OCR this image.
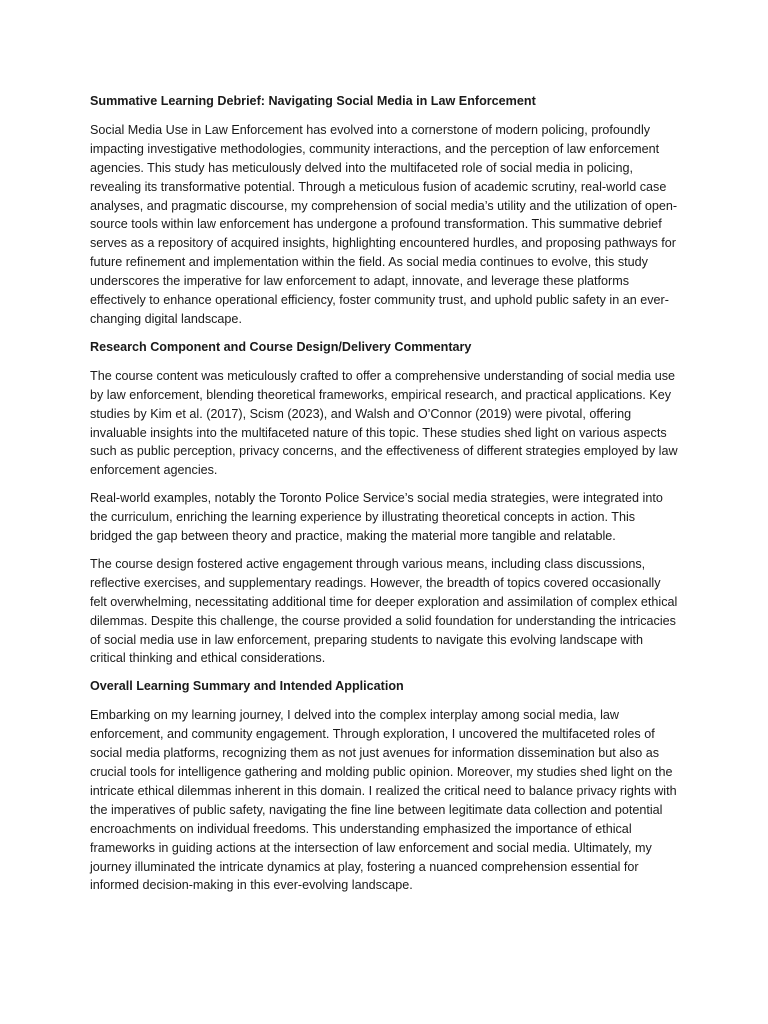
Summative Learning Debrief: Navigating Social Media in Law Enforcement

Social Media Use in Law Enforcement has evolved into a cornerstone of modern policing, profoundly impacting investigative methodologies, community interactions, and the perception of law enforcement agencies. This study has meticulously delved into the multifaceted role of social media in policing, revealing its transformative potential. Through a meticulous fusion of academic scrutiny, real-world case analyses, and pragmatic discourse, my comprehension of social media’s utility and the utilization of open-source tools within law enforcement has undergone a profound transformation. This summative debrief serves as a repository of acquired insights, highlighting encountered hurdles, and proposing pathways for future refinement and implementation within the field. As social media continues to evolve, this study underscores the imperative for law enforcement to adapt, innovate, and leverage these platforms effectively to enhance operational efficiency, foster community trust, and uphold public safety in an ever-changing digital landscape.

Research Component and Course Design/Delivery Commentary

The course content was meticulously crafted to offer a comprehensive understanding of social media use by law enforcement, blending theoretical frameworks, empirical research, and practical applications. Key studies by Kim et al. (2017), Scism (2023), and Walsh and O’Connor (2019) were pivotal, offering invaluable insights into the multifaceted nature of this topic. These studies shed light on various aspects such as public perception, privacy concerns, and the effectiveness of different strategies employed by law enforcement agencies.

Real-world examples, notably the Toronto Police Service’s social media strategies, were integrated into the curriculum, enriching the learning experience by illustrating theoretical concepts in action. This bridged the gap between theory and practice, making the material more tangible and relatable.

The course design fostered active engagement through various means, including class discussions, reflective exercises, and supplementary readings. However, the breadth of topics covered occasionally felt overwhelming, necessitating additional time for deeper exploration and assimilation of complex ethical dilemmas. Despite this challenge, the course provided a solid foundation for understanding the intricacies of social media use in law enforcement, preparing students to navigate this evolving landscape with critical thinking and ethical considerations.

Overall Learning Summary and Intended Application

Embarking on my learning journey, I delved into the complex interplay among social media, law enforcement, and community engagement. Through exploration, I uncovered the multifaceted roles of social media platforms, recognizing them as not just avenues for information dissemination but also as crucial tools for intelligence gathering and molding public opinion. Moreover, my studies shed light on the intricate ethical dilemmas inherent in this domain. I realized the critical need to balance privacy rights with the imperatives of public safety, navigating the fine line between legitimate data collection and potential encroachments on individual freedoms. This understanding emphasized the importance of ethical frameworks in guiding actions at the intersection of law enforcement and social media. Ultimately, my journey illuminated the intricate dynamics at play, fostering a nuanced comprehension essential for informed decision-making in this ever-evolving landscape.
